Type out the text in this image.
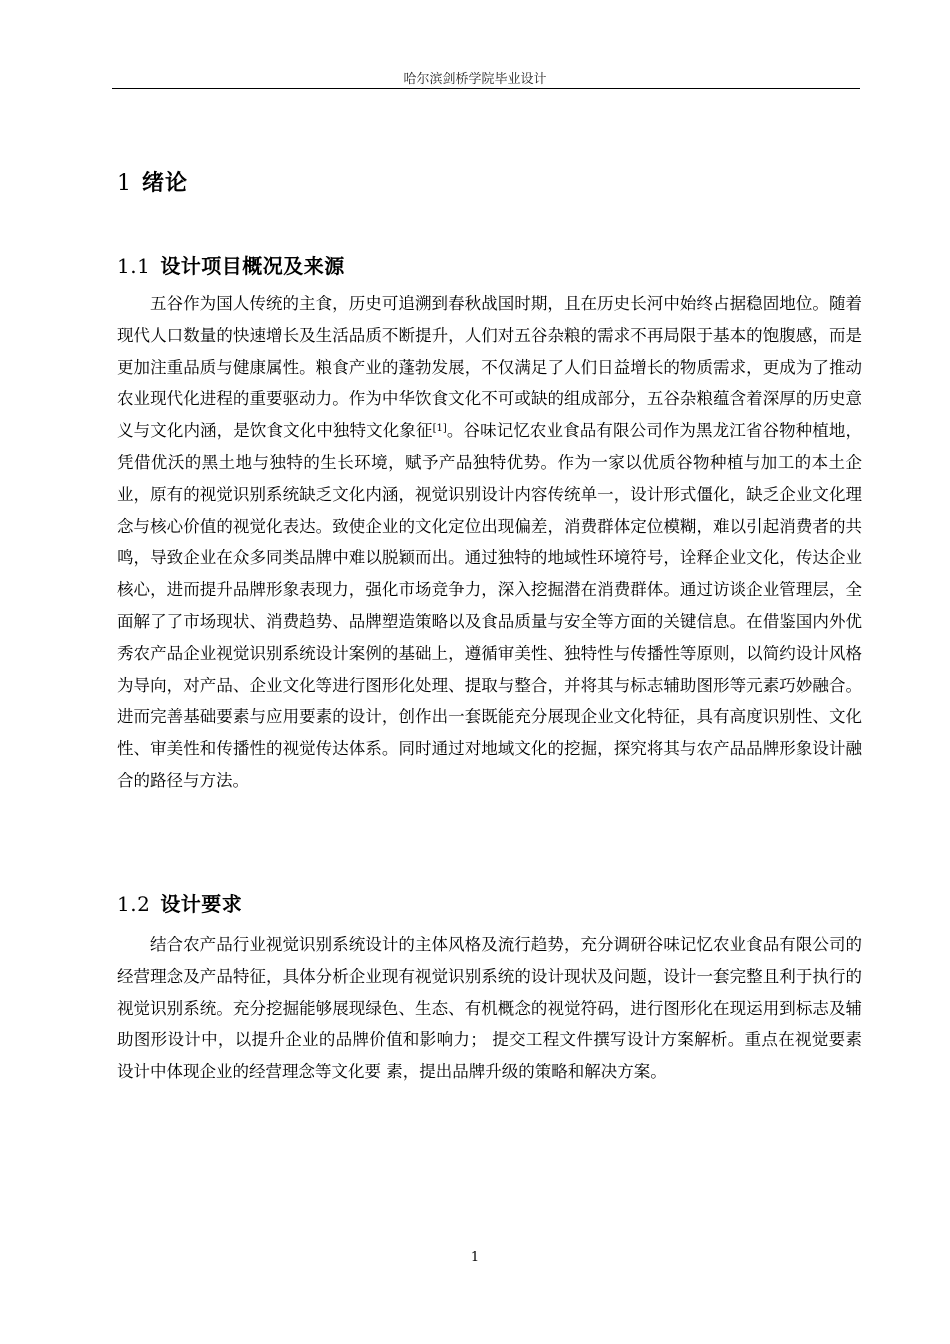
哈尔滨剑桥学院毕业设计
1 绪论
1.1 设计项目概况及来源

五谷作为国人传统的主食，历史可追溯到春秋战国时期，且在历史长河中始终占据稳固地位。随着现代人口数量的快速增长及生活品质不断提升，人们对五谷杂粮的需求不再局限于基本的饱腹感，而是更加注重品质与健康属性。粮食产业的蓬勃发展，不仅满足了人们日益增长的物质需求，更成为了推动农业现代化进程的重要驱动力。作为中华饮食文化不可或缺的组成部分，五谷杂粮蕴含着深厚的历史意义与文化内涵，是饮食文化中独特文化象征[1]。谷味记忆农业食品有限公司作为黑龙江省谷物种植地，凭借优沃的黑土地与独特的生长环境，赋予产品独特优势。作为一家以优质谷物种植与加工的本土企业，原有的视觉识别系统缺乏文化内涵，视觉识别设计内容传统单一，设计形式僵化，缺乏企业文化理念与核心价值的视觉化表达。致使企业的文化定位出现偏差，消费群体定位模糊，难以引起消费者的共鸣，导致企业在众多同类品牌中难以脱颖而出。通过独特的地域性环境符号，诠释企业文化，传达企业核心，进而提升品牌形象表现力，强化市场竞争力，深入挖掘潜在消费群体。通过访谈企业管理层，全面解了了市场现状、消费趋势、品牌塑造策略以及食品质量与安全等方面的关键信息。在借鉴国内外优秀农产品企业视觉识别系统设计案例的基础上，遵循审美性、独特性与传播性等原则，以简约设计风格为导向，对产品、企业文化等进行图形化处理、提取与整合，并将其与标志辅助图形等元素巧妙融合。进而完善基础要素与应用要素的设计，创作出一套既能充分展现企业文化特征，具有高度识别性、文化性、审美性和传播性的视觉传达体系。同时通过对地域文化的挖掘，探究将其与农产品品牌形象设计融合的路径与方法。

1.2 设计要求

结合农产品行业视觉识别系统设计的主体风格及流行趋势，充分调研谷味记忆农业食品有限公司的经营理念及产品特征，具体分析企业现有视觉识别系统的设计现状及问题，设计一套完整且利于执行的视觉识别系统。充分挖掘能够展现绿色、生态、有机概念的视觉符码，进行图形化在现运用到标志及辅助图形设计中，以提升企业的品牌价值和影响力； 提交工程文件撰写设计方案解析。重点在视觉要素设计中体现企业的经营理念等文化要 素，提出品牌升级的策略和解决方案。

1
